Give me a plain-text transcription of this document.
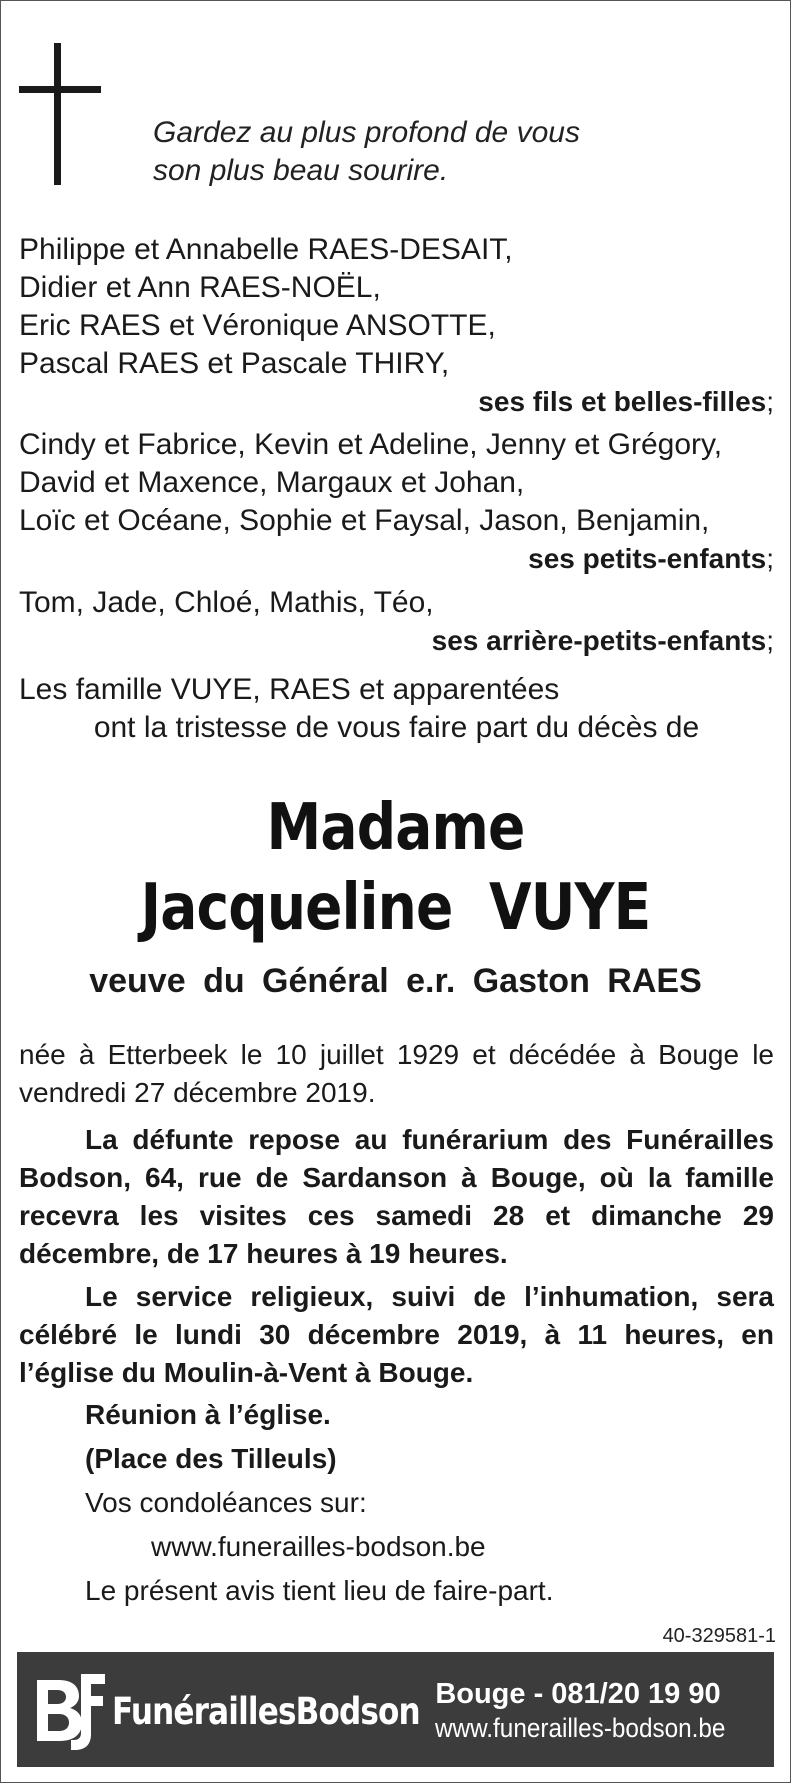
Gardez au plus profond de vous
son plus beau sourire.
Philippe et Annabelle RAES-DESAIT,
Didier et Ann RAES-NOËL,
Eric RAES et Véronique ANSOTTE,
Pascal RAES et Pascale THIRY,
ses fils et belles-filles;
Cindy et Fabrice, Kevin et Adeline, Jenny et Grégory,
David et Maxence, Margaux et Johan,
Loïc et Océane, Sophie et Faysal, Jason, Benjamin,
ses petits-enfants;
Tom, Jade, Chloé, Mathis, Téo,
ses arrière-petits-enfants;
Les famille VUYE, RAES et apparentées
ont la tristesse de vous faire part du décès de
Madame
Jacqueline  VUYE
veuve du Général e.r. Gaston RAES
née à Etterbeek le 10 juillet 1929 et décédée à Bouge le vendredi 27 décembre 2019.
La défunte repose au funérarium des Funérailles Bodson, 64, rue de Sardanson à Bouge, où la famille recevra les visites ces samedi 28 et dimanche 29 décembre, de 17 heures à 19 heures.
Le service religieux, suivi de l’inhumation, sera célébré le lundi 30 décembre 2019, à 11 heures, en l’église du Moulin-à-Vent à Bouge.
Réunion à l’église.
(Place des Tilleuls)
Vos condoléances sur:
www.funerailles-bodson.be
Le présent avis tient lieu de faire-part.
40-329581-1
FunéraillesBodson Bouge - 081/20 19 90
www.funerailles-bodson.be
